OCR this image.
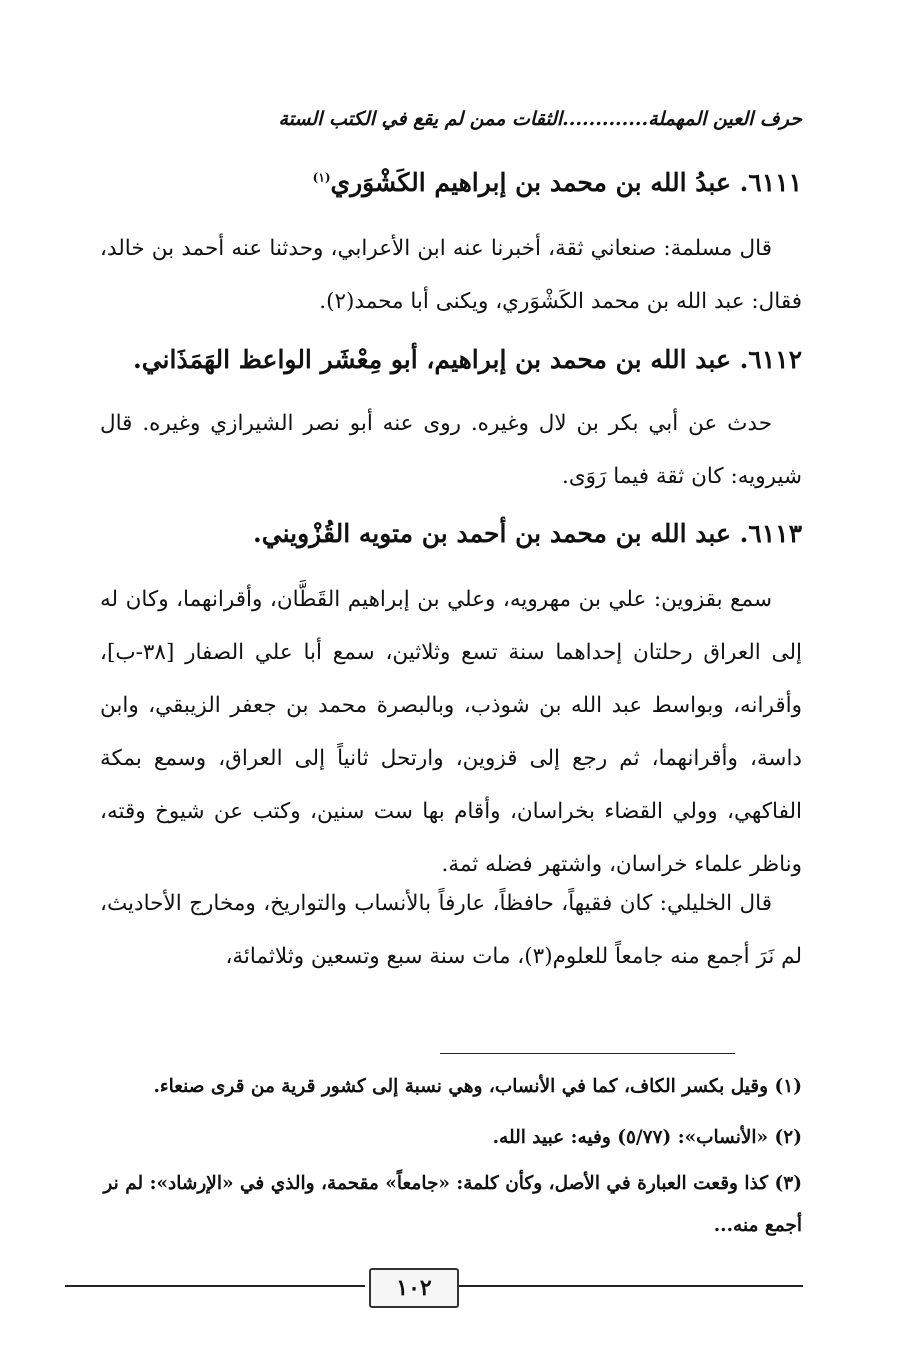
حرف العين المهملة.............الثقات ممن لم يقع في الكتب الستة
٦١١١. عبدُ الله بن محمد بن إبراهيم الكَشْوَري$^{(١)}$
قال مسلمة: صنعاني ثقة، أخبرنا عنه ابن الأعرابي، وحدثنا عنه أحمد بن خالد، فقال: عبد الله بن محمد الكَشْوَري، ويكنى أبا محمد(٢).
٦١١٢. عبد الله بن محمد بن إبراهيم، أبو مِعْشَر الواعظ الهَمَذَاني.
حدث عن أبي بكر بن لال وغيره. روى عنه أبو نصر الشيرازي وغيره. قال شيرويه: كان ثقة فيما رَوَى.
٦١١٣. عبد الله بن محمد بن أحمد بن متويه القُزْويني.
سمع بقزوين: علي بن مهرويه، وعلي بن إبراهيم القَطَّان، وأقرانهما، وكان له إلى العراق رحلتان إحداهما سنة تسع وثلاثين، سمع أبا علي الصفار [٣٨-ب]، وأقرانه، وبواسط عبد الله بن شوذب، وبالبصرة محمد بن جعفر الزيبقي، وابن داسة، وأقرانهما، ثم رجع إلى قزوين، وارتحل ثانياً إلى العراق، وسمع بمكة الفاكهي، وولي القضاء بخراسان، وأقام بها ست سنين، وكتب عن شيوخ وقته، وناظر علماء خراسان، واشتهر فضله ثمة.
قال الخليلي: كان فقيهاً، حافظاً، عارفاً بالأنساب والتواريخ، ومخارج الأحاديث، لم نَرَ أجمع منه جامعاً للعلوم(٣)، مات سنة سبع وتسعين وثلاثمائة،
(١) وقيل بكسر الكاف، كما في الأنساب، وهي نسبة إلى كشور قرية من قرى صنعاء.
(٢) «الأنساب»: (٥/٧٧) وفيه: عبيد الله.
(٣) كذا وقعت العبارة في الأصل، وكأن كلمة: «جامعاً» مقحمة، والذي في «الإرشاد»: لم نر أجمع منه...
١٠٢
